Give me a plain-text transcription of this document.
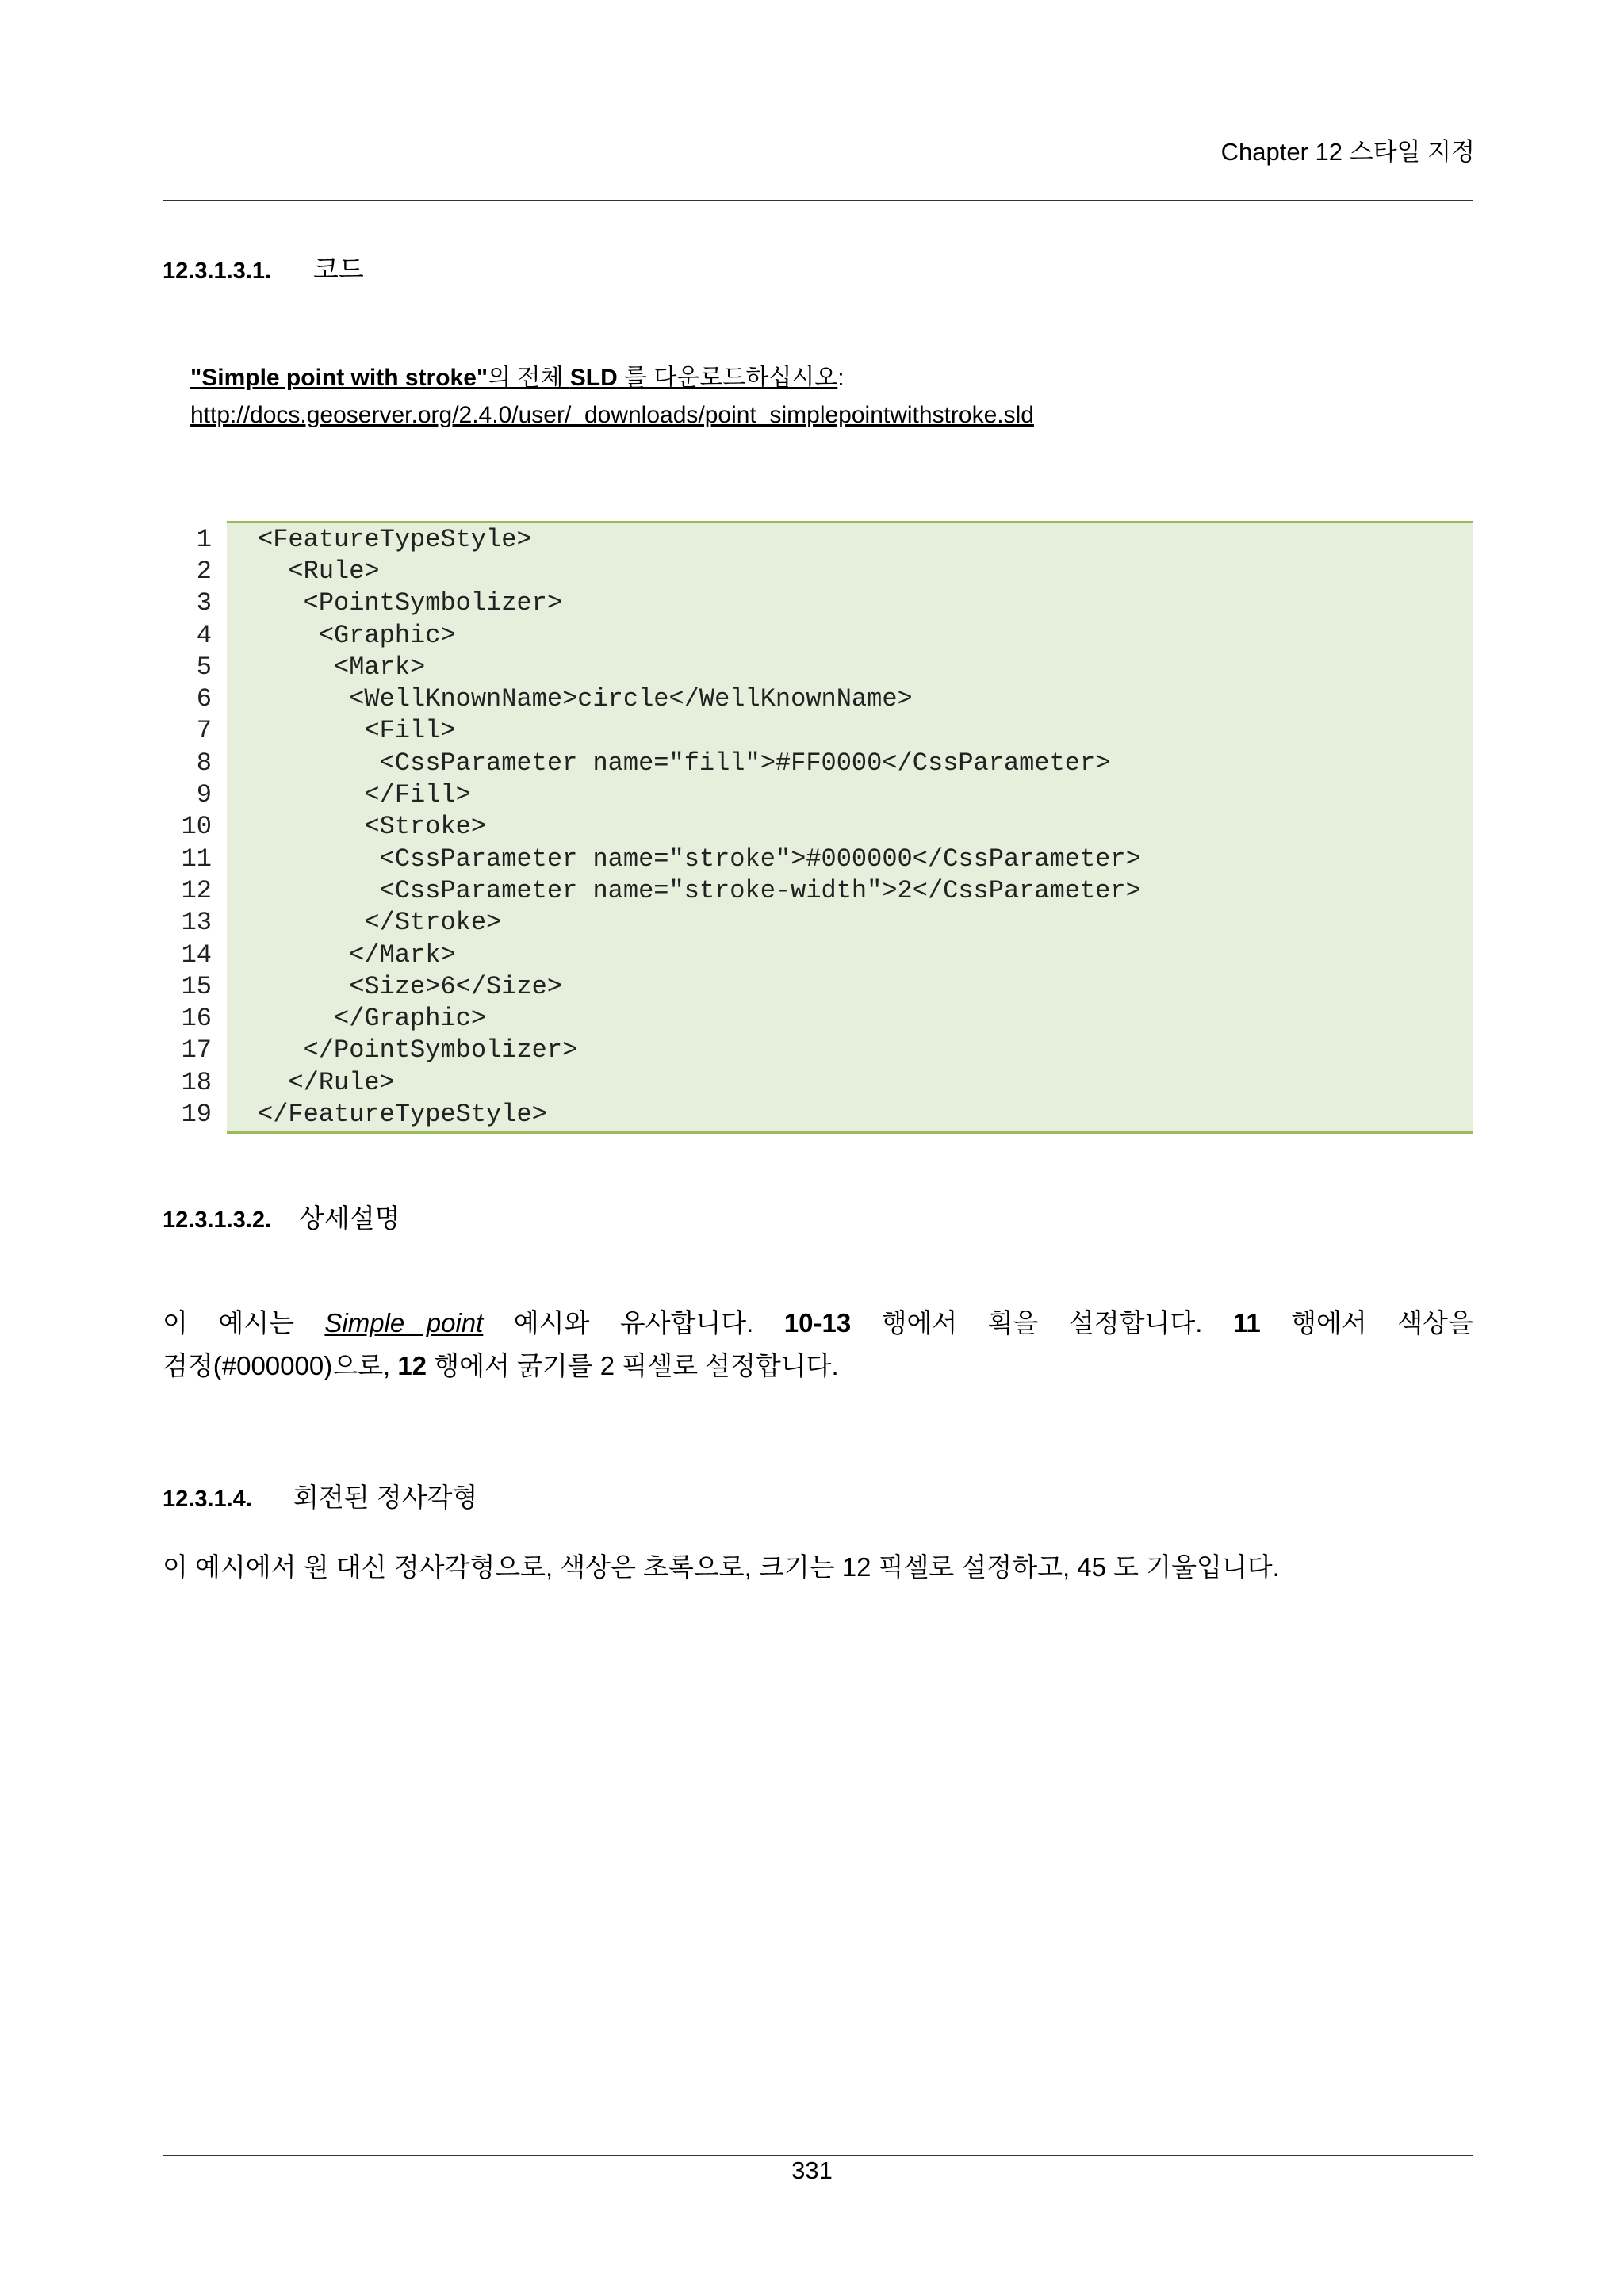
Chapter 12 스타일 지정
12.3.1.3.1. 코드
"Simple point with stroke"의 전체 SLD 를 다운로드하십시오:
http://docs.geoserver.org/2.4.0/user/_downloads/point_simplepointwithstroke.sld
1 <FeatureTypeStyle>
2 <Rule>
3 <PointSymbolizer>
4 <Graphic>
5 <Mark>
6 <WellKnownName>circle</WellKnownName>
7 <Fill>
8 <CssParameter name="fill">#FF0000</CssParameter>
9 </Fill>
10 <Stroke>
11 <CssParameter name="stroke">#000000</CssParameter>
12 <CssParameter name="stroke-width">2</CssParameter>
13 </Stroke>
14 </Mark>
15 <Size>6</Size>
16 </Graphic>
17 </PointSymbolizer>
18 </Rule>
19 </FeatureTypeStyle>
12.3.1.3.2. 상세설명
이 예시는 Simple   point 예시와 유사합니다. 10-13 행에서 획을 설정합니다. 11 행에서 색상을
검정(#000000)으로, 12 행에서 굵기를 2 픽셀로 설정합니다.
12.3.1.4. 회전된 정사각형
이 예시에서 원 대신 정사각형으로, 색상은 초록으로, 크기는 12 픽셀로 설정하고, 45 도 기울입니다.
331
